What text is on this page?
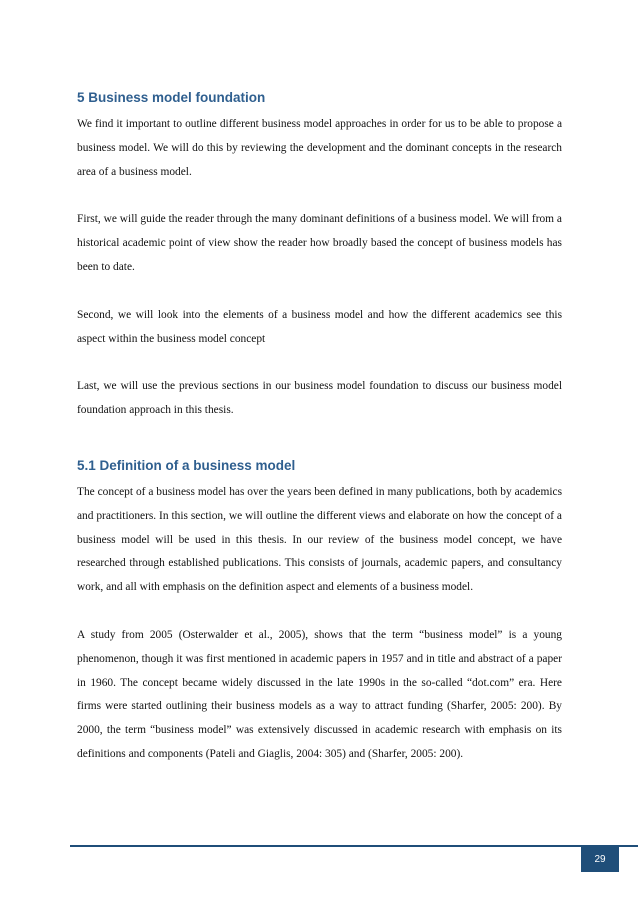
5 Business model foundation

We find it important to outline different business model approaches in order for us to be able to propose a business model. We will do this by reviewing the development and the dominant concepts in the research area of a business model.

First, we will guide the reader through the many dominant definitions of a business model. We will from a historical academic point of view show the reader how broadly based the concept of business models has been to date.

Second, we will look into the elements of a business model and how the different academics see this aspect within the business model concept

Last, we will use the previous sections in our business model foundation to discuss our business model foundation approach in this thesis.

5.1 Definition of a business model

The concept of a business model has over the years been defined in many publications, both by academics and practitioners. In this section, we will outline the different views and elaborate on how the concept of a business model will be used in this thesis. In our review of the business model concept, we have researched through established publications. This consists of journals, academic papers, and consultancy work, and all with emphasis on the definition aspect and elements of a business model.

A study from 2005 (Osterwalder et al., 2005), shows that the term “business model” is a young phenomenon, though it was first mentioned in academic papers in 1957 and in title and abstract of a paper in 1960. The concept became widely discussed in the late 1990s in the so-called “dot.com” era. Here firms were started outlining their business models as a way to attract funding (Sharfer, 2005: 200). By 2000, the term “business model” was extensively discussed in academic research with emphasis on its definitions and components (Pateli and Giaglis, 2004: 305) and (Sharfer, 2005: 200).

29
